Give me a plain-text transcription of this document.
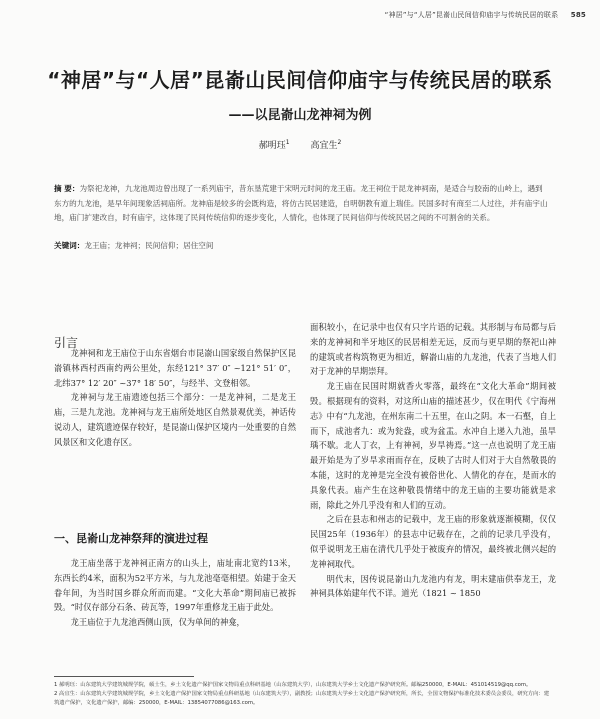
“神居”与“人居”昆嵛山民间信仰庙宇与传统民居的联系 585
“神居”与“人居”昆嵛山民间信仰庙宇与传统民居的联系
——以昆嵛山龙神祠为例
郝明珏$^1$ 高宜生$^2$
摘 要：为祭祀龙神，九龙池周边曾出现了一系列庙宇，昔东垦荒建于宋明元时间的龙王庙。龙王祠位于昆龙神祠南，是适合与胶南的山岭上，遇到东方的九龙池，是早年间现象活祠庙所。龙神庙是较多的会既构造，将仿古民居建造，自明朝教有道上瑞佳。民国多时有商至二人过往，并有庙宇山地，庙门扩建改自，时有庙宇，这体现了民间传统信仰的逐步变化，人情化，也体现了民间信仰与传统民居之间的不可割舍的关系。
关键词：龙王庙；龙神祠；民间信仰；居住空间
引言

龙神祠和龙王庙位于山东省烟台市昆嵛山国家级自然保护区昆嵛镇林西村西南约两公里处，东经121° 37′ 0″ ~121° 51′ 0″，北纬37° 12′ 20″ ~37° 18′ 50″，与经半、文登相邻。

龙神祠与龙王庙遗迹包括三个部分：一是龙神祠，二是龙王庙，三是九龙池。龙神祠与龙王庙所处地区自然景观优美，神话传说动人，建筑遗迹保存较好，是昆嵛山保护区境内一处重要的自然风景区和文化遗存区。

一、昆嵛山龙神祭拜的演进过程

龙王庙坐落于龙神祠正南方的山头上，庙址南北宽约13米，东西长约4米，面积为52平方米，与九龙池毫毫相望。始建于金天眷年间，为当时国乡群众所而而建。“文化大革命”期间庙已被拆毁。“时仅存部分石条、砖瓦等，1997年重修龙王庙于此处。

龙王庙位于九龙池西侧山顶，仅为单间的神龛，

面积较小，在记录中也仅有只字片语的记载。其形制与布局都与后来的龙神祠和半牙地区的民居相差无远，反而与更早期的祭祀山神的建筑或者构筑物更为相近，解嵛山庙的九龙池，代表了当地人们对于龙神的早期崇拜。

龙王庙在民国时期就香火零落，最终在“文化大革命”期间被毁。根据现有的资料，对这所山庙的描述甚少，仅在明代《宁海州志》中有“九龙池，在州东南二十五里，在山之阴。本一石壑，自上而下，成池者九：或为瓮盎，或为盆盂。水冲自上递入九池，虽旱瑀不歇。北人丁衣，上有神祠，岁旱祷焉。”这一点也说明了龙王庙最开始是为了岁旱求雨而存在，反映了古时人们对于大自然敬畏的本能，这时的龙神是完全没有被俗世化、人情化的存在，是而水的具象代表。庙产生在这种敬畏情绪中的龙王庙的主要功能就是求雨，除此之外几乎没有和人们的互动。

之后在县志和州志的记载中，龙王庙的形象就逐渐模糊，仅仅民国25年（1936年）的县志中记载存在，之前的记录几乎没有，似乎说明龙王庙在清代几乎处于被废弃的情况，最终被北侧兴起的龙神祠取代。

明代末，因传说昆嵛山九龙池内有龙，明末建庙供奉龙王，龙神祠具体始建年代不详。道光（1821 ~ 1850

1 郝明珏：山东建筑大学建筑城规学院，硕士生，乡土文化遗产保护国家文物局重点科研基地（山东建筑大学），山东建筑大学乡土文化遗产保护研究所。邮编250000，E-MAIL：451014519@qq.com。

2 高宜生：山东建筑大学建筑城规学院，乡土文化遗产保护国家文物局重点科研基地（山东建筑大学），副教授；山东建筑大学乡土文化遗产保护研究所，所长，全国文物保护标准化技术委员会委员，研究方向：建筑遗产保护，文化遗产保护，邮编：250000，E-MAIL：13854077086@163.com。
